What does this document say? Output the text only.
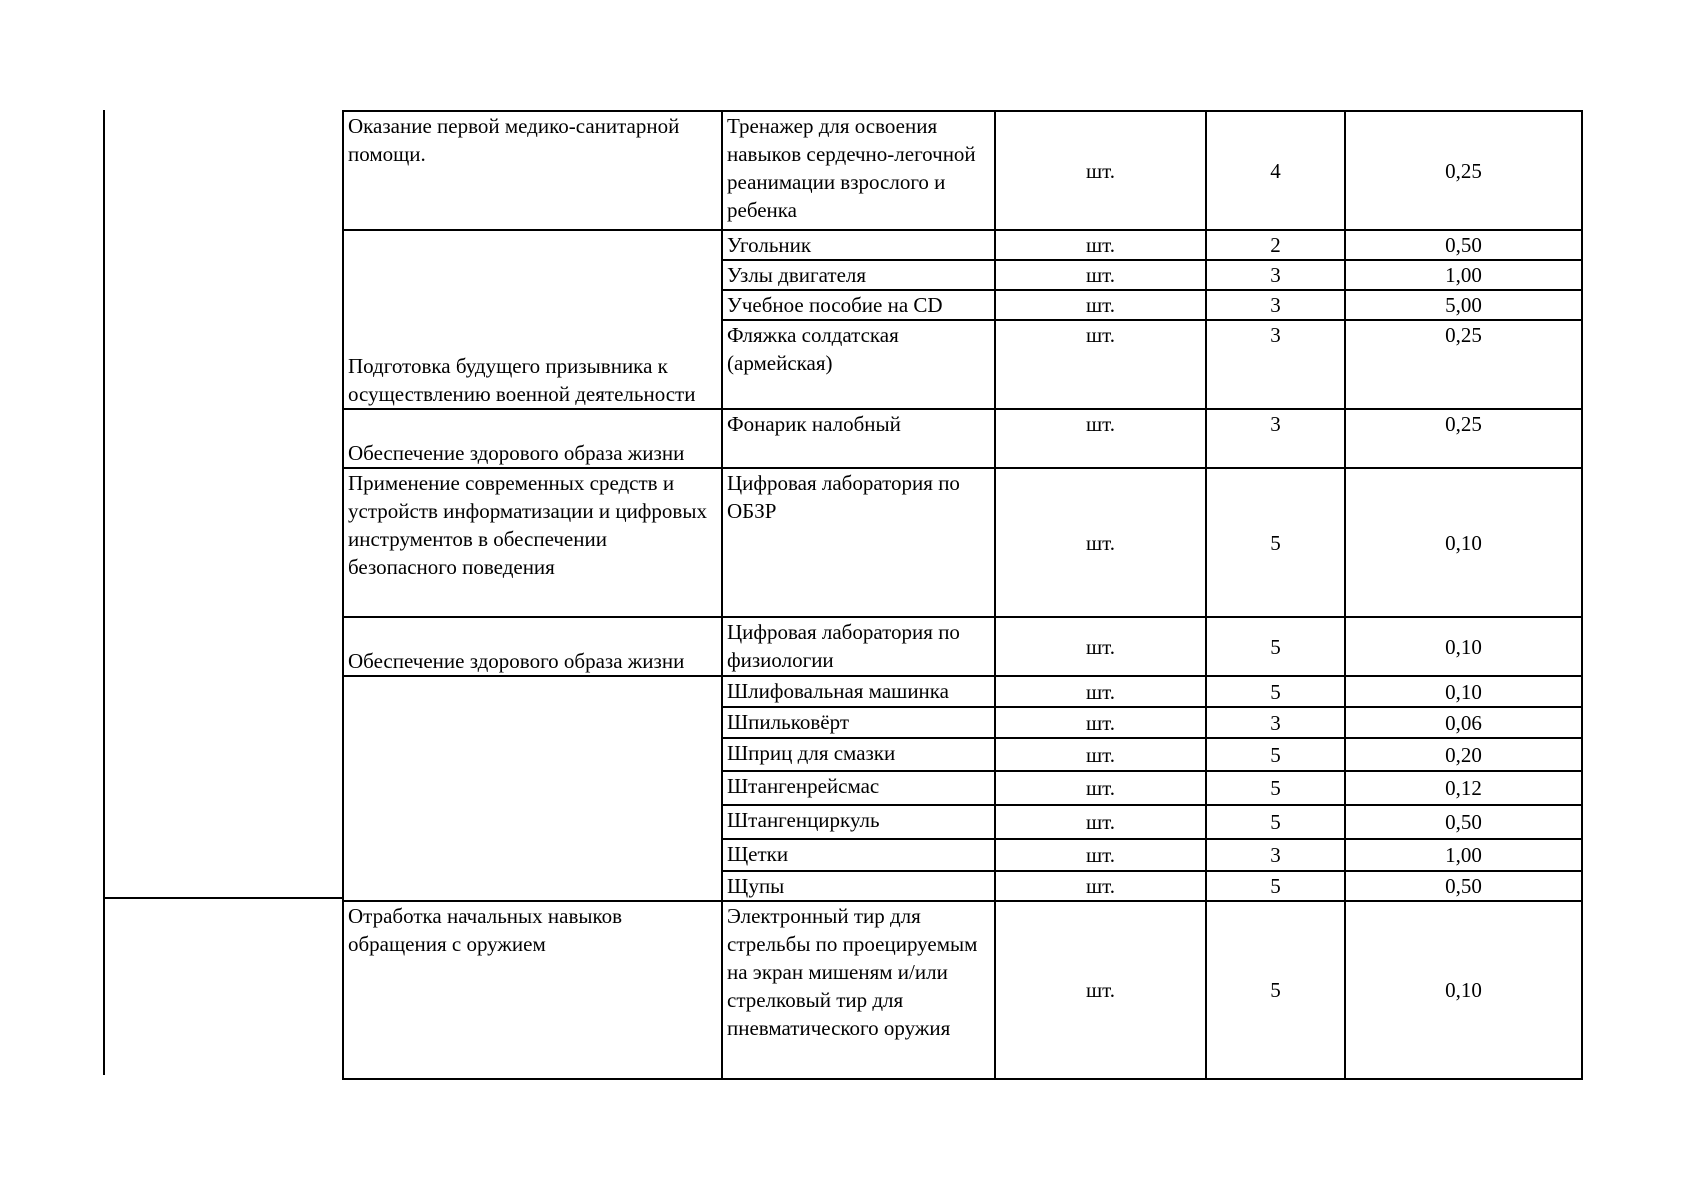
Оказание первой медико-санитарной помощи.	Тренажер для освоения навыков сердечно-легочной реанимации взрослого и ребенка	шт.	4	0,25
Подготовка будущего призывника к осуществлению военной деятельности	Угольник	шт.	2	0,50
	Узлы двигателя	шт.	3	1,00
	Учебное пособие на CD	шт.	3	5,00
	Фляжка солдатская (армейская)	шт.	3	0,25
Обеспечение здорового образа жизни	Фонарик налобный	шт.	3	0,25
Применение современных средств и устройств информатизации и цифровых инструментов в обеспечении безопасного поведения	Цифровая лаборатория по ОБЗР	шт.	5	0,10
Обеспечение здорового образа жизни	Цифровая лаборатория по физиологии	шт.	5	0,10
	Шлифовальная машинка	шт.	5	0,10
	Шпильковёрт	шт.	3	0,06
	Шприц для смазки	шт.	5	0,20
	Штангенрейсмас	шт.	5	0,12
	Штангенциркуль	шт.	5	0,50
	Щетки	шт.	3	1,00
	Щупы	шт.	5	0,50
Отработка начальных навыков обращения с оружием	Электронный тир для стрельбы по проецируемым на экран мишеням и/или стрелковый тир для пневматического оружия	шт.	5	0,10
